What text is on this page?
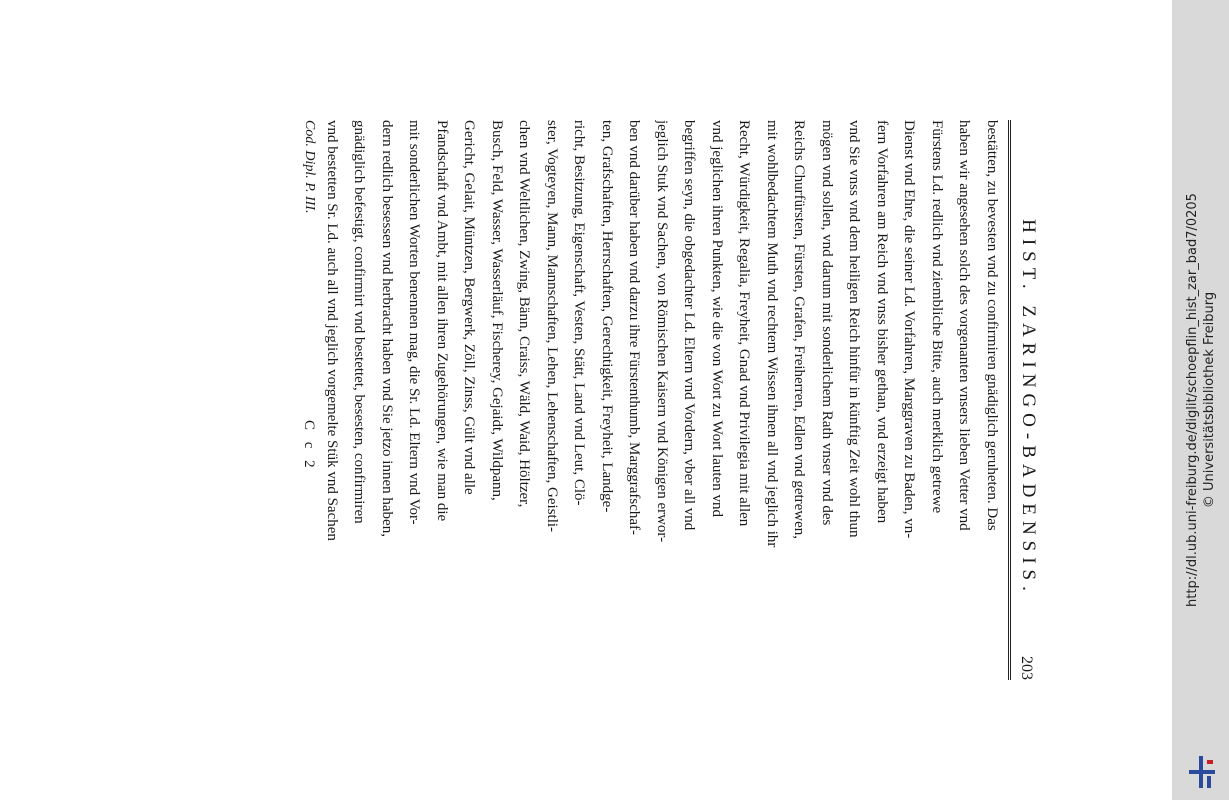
HIST. ZARINGO-BADENSIS.
203
bestätten, zu bevesten vnd zu confirmiren gnädiglich geruheten. Das
haben wir angesehen solch des vorgenanten vnsers lieben Vetter vnd
Fürstens Ld. redlich vnd ziembliche Bitte, auch merklich getrewe
Dienst vnd Ehre, die seiner Ld. Vorfahren, Marggraven zu Baden, vn-
fern Vorfahren am Reich vnd vnss bisher gethan, vnd erzeigt haben
vnd Sie vnss vnd dem heiligen Reich hinfür in künftig Zeit wohl thun
mögen vnd sollen, vnd darum mit sonderlichem Rath vnser vnd des
Reichs Churfürsten, Fürsten, Grafen, Freiherren, Edlen vnd getrewen,
mit wohlbedachtem Muth vnd rechtem Wissen ihnen all vnd jeglich ihr
Recht, Würdigkeit, Regalia, Freyheit, Gnad vnd Privilegia mit allen
vnd jeglichen ihren Punkten, wie die von Wort zu Wort lauten vnd
begriffen seyn, die obgedachter Ld. Eltern vnd Vordern, vber all vnd
jeglich Stuk vnd Sachen, von Römischen Kaisern vnd Königen erwor-
ben vnd darüber haben vnd darzu ihre Fürstenthumb, Marggrafschaf-
ten, Grafschaften, Herrschaften, Gerechtigkeit, Freyheit, Landge-
richt, Besitzung, Eigenschaft, Vesten, Stätt, Land vnd Leut, Clö-
ster, Vogteyen, Mann, Mannschaften, Lehen, Lehenschaften, Geistli-
chen vnd Weltlichen, Zwing, Bänn, Craiss, Wäld, Waid, Höltzer,
Busch, Feld, Wasser, Wasserläuf, Fischerey, Gejaidt, Wildpann,
Gericht, Gelait, Müntzen, Bergwerk, Zöll, Zinss, Gült vnd alle
Pfandschaft vnd Ambt, mit allen ihren Zugehörungen, wie man die
mit sonderlichen Worten benennen mag, die Sr. Ld. Eltern vnd Vor-
dern redlich besessen vnd herbracht haben vnd Sie jetzo innen haben,
gnädiglich befestigt, confirmirt vnd bestettet, besesten, confirmiren
vnd bestetten Sr. Ld. auch all vnd jeglich vorgemelte Stük vnd Sachen
Cod. Dipl. P. III.
C c 2	http://dl.ub.uni-freiburg.de/diglit/schoepflin_hist_zar_bad7/0205 © Universitätsbibliothek Freiburg
